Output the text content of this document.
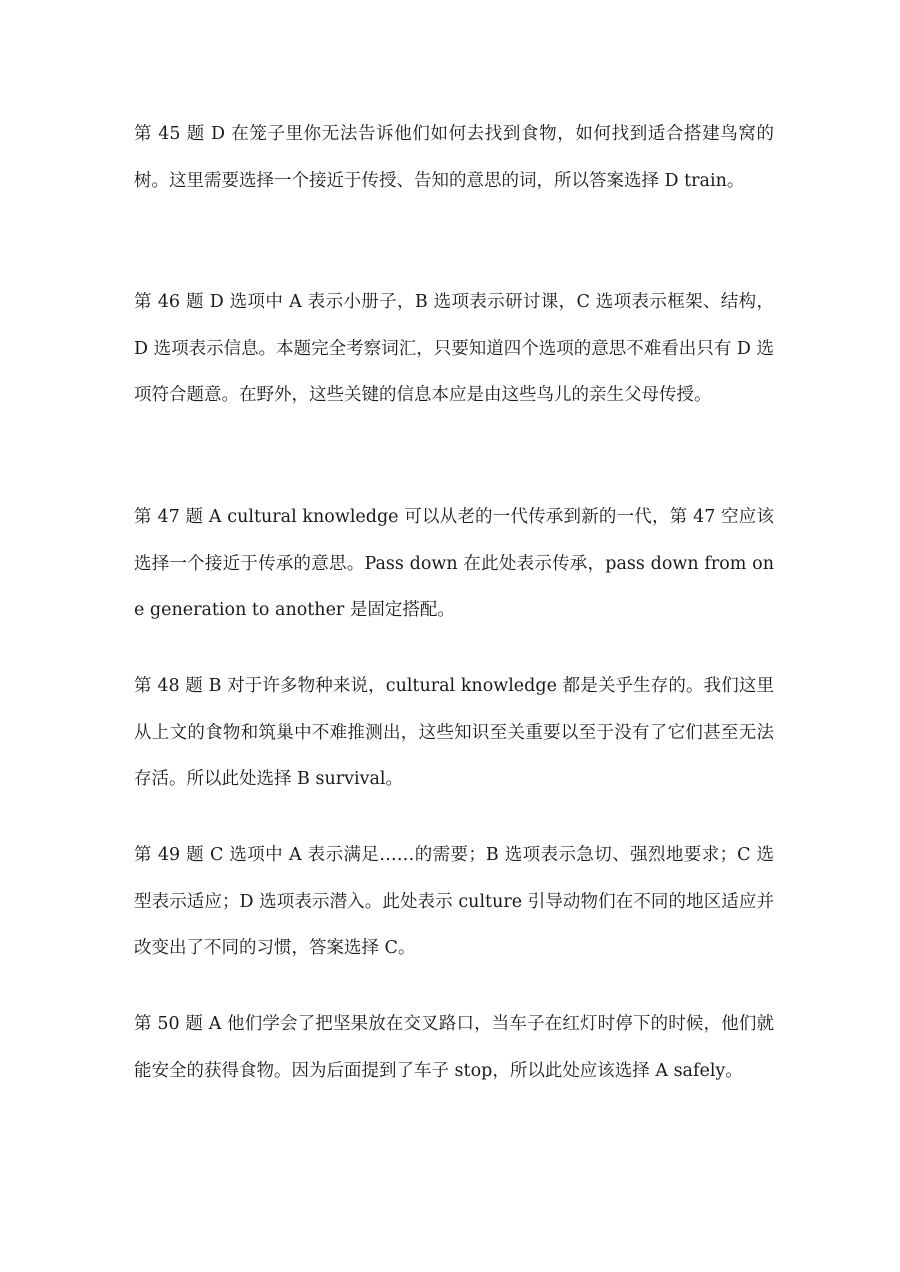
第 45 题 D 在笼子里你无法告诉他们如何去找到食物，如何找到适合搭建鸟窝的树。这里需要选择一个接近于传授、告知的意思的词，所以答案选择 D train。

第 46 题 D 选项中 A 表示小册子，B 选项表示研讨课，C 选项表示框架、结构，D 选项表示信息。本题完全考察词汇，只要知道四个选项的意思不难看出只有 D 选项符合题意。在野外，这些关键的信息本应是由这些鸟儿的亲生父母传授。

第 47 题 A cultural knowledge 可以从老的一代传承到新的一代，第 47 空应该选择一个接近于传承的意思。Pass down 在此处表示传承，pass down from one generation to another 是固定搭配。

第 48 题 B 对于许多物种来说，cultural knowledge 都是关乎生存的。我们这里从上文的食物和筑巢中不难推测出，这些知识至关重要以至于没有了它们甚至无法存活。所以此处选择 B survival。

第 49 题 C 选项中 A 表示满足……的需要；B 选项表示急切、强烈地要求；C 选型表示适应；D 选项表示潜入。此处表示 culture 引导动物们在不同的地区适应并改变出了不同的习惯，答案选择 C。

第 50 题 A 他们学会了把坚果放在交叉路口，当车子在红灯时停下的时候，他们就能安全的获得食物。因为后面提到了车子 stop，所以此处应该选择 A safely。
